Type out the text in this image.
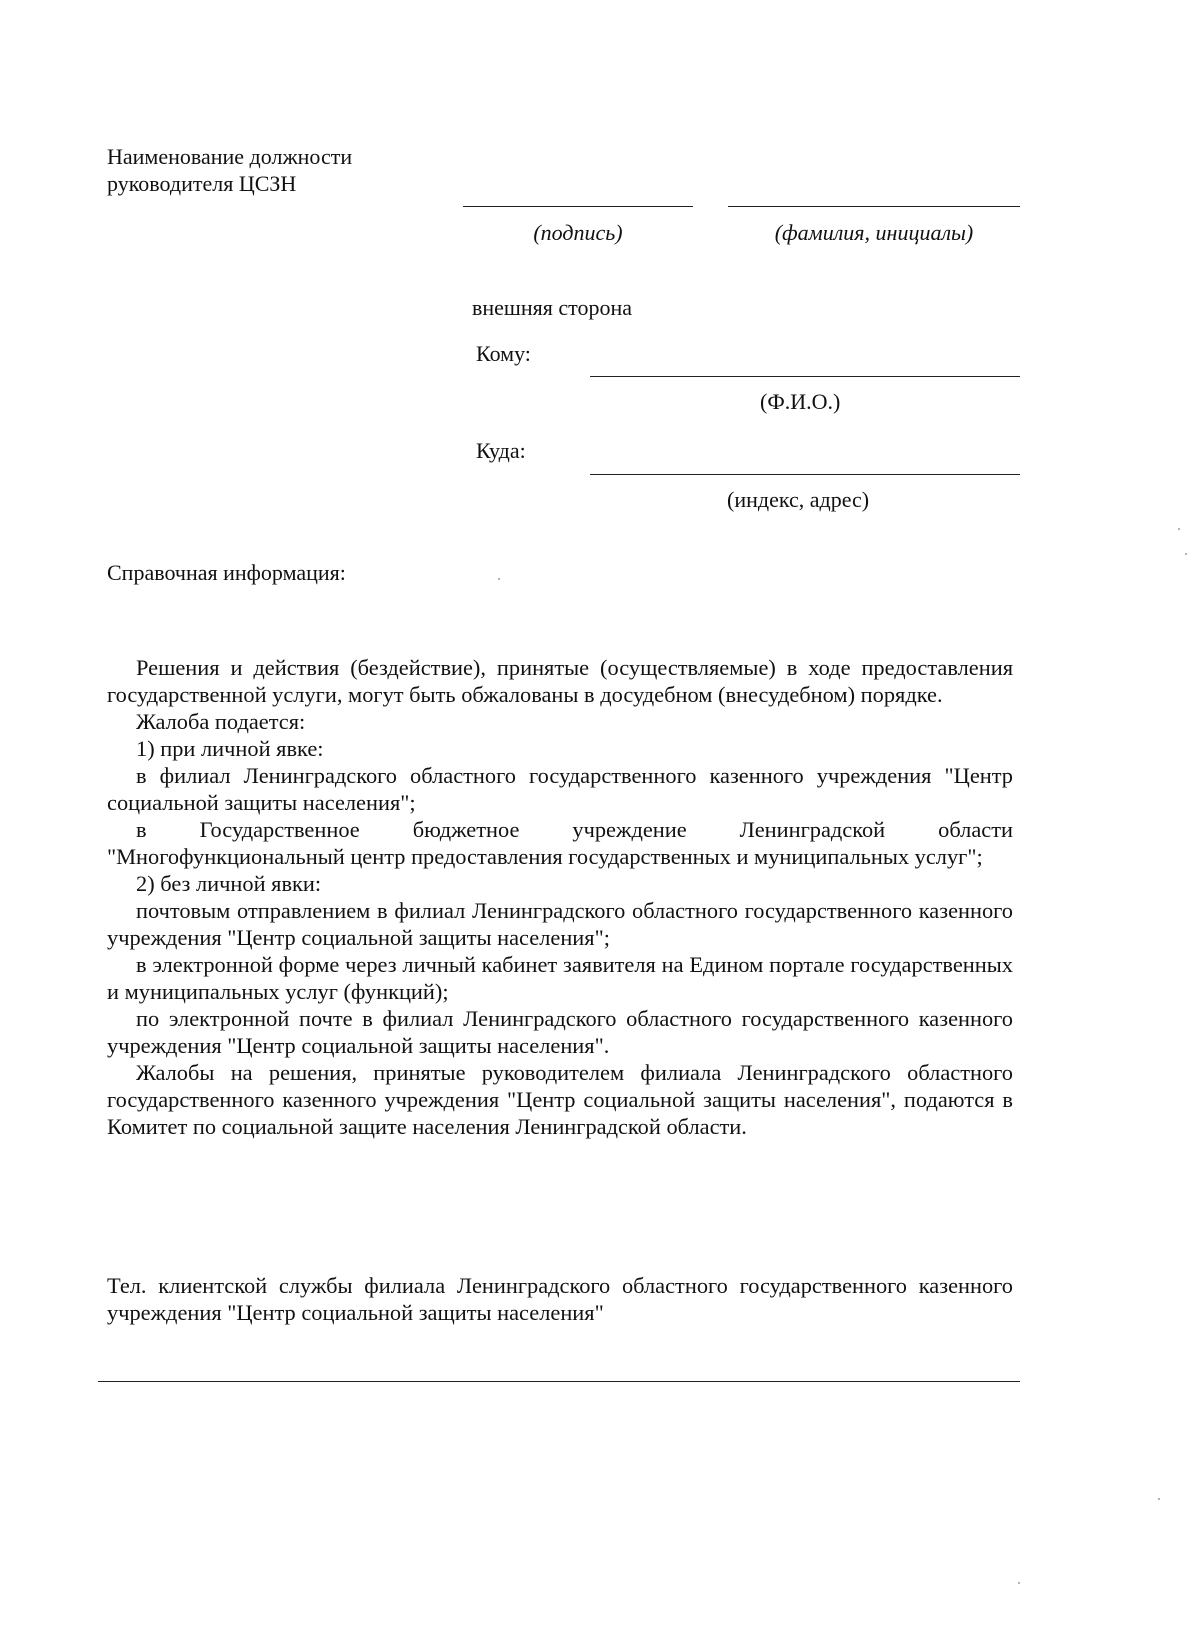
Наименование должности
руководителя ЦСЗН
(подпись)	(фамилия, инициалы)
внешняя сторона
Кому:
(Ф.И.О.)
Куда:
(индекс, адрес)
Справочная информация:

Решения и действия (бездействие), принятые (осуществляемые) в ходе предоставления государственной услуги, могут быть обжалованы в досудебном (внесудебном) порядке.

Жалоба подается:

1) при личной явке:

в филиал Ленинградского областного государственного казенного учреждения "Центр социальной защиты населения";

в Государственное бюджетное учреждение Ленинградской области "Многофункциональный центр предоставления государственных и муниципальных услуг";

2) без личной явки:

почтовым отправлением в филиал Ленинградского областного государственного казенного учреждения "Центр социальной защиты населения";

в электронной форме через личный кабинет заявителя на Едином портале государственных и муниципальных услуг (функций);

по электронной почте в филиал Ленинградского областного государственного казенного учреждения "Центр социальной защиты населения".

Жалобы на решения, принятые руководителем филиала Ленинградского областного государственного казенного учреждения "Центр социальной защиты населения", подаются в Комитет по социальной защите населения Ленинградской области.

Тел. клиентской службы филиала Ленинградского областного государственного казенного учреждения "Центр социальной защиты населения"
